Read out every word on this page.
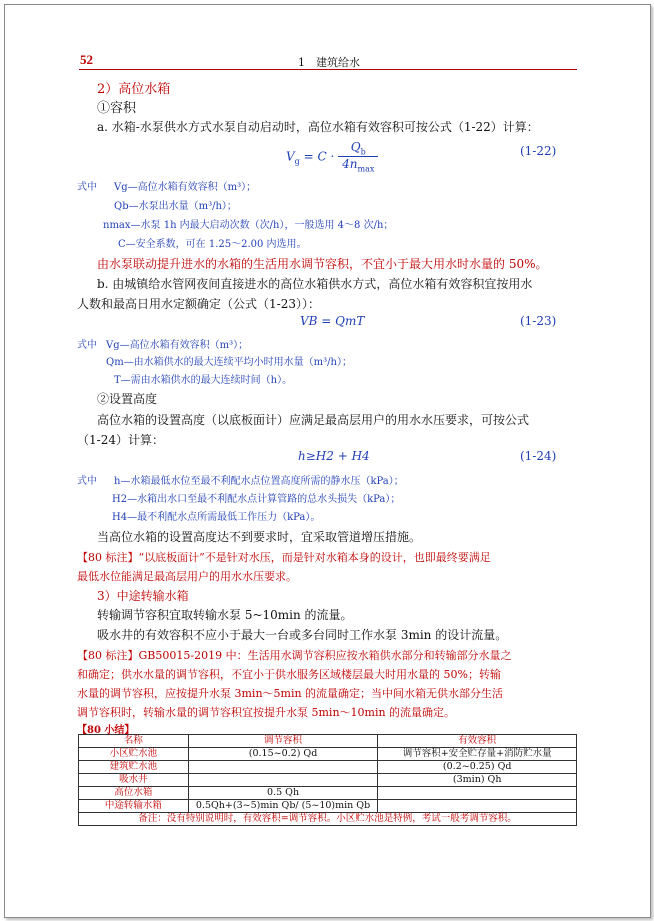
52	1　建筑给水
2）高位水箱
①容积
a. 水箱-水泵供水方式水泵自动启动时，高位水箱有效容积可按公式（1-22）计算：
$V_g = C$ ·
$Q_b$
$4n_{max}$
(1-22)
式中 Vg—高位水箱有效容积（m³）；
Qb—水泵出水量（m³/h）；
nmax—水泵 1h 内最大启动次数（次/h），一般选用 4～8 次/h；
C—安全系数，可在 1.25～2.00 内选用。
由水泵联动提升进水的水箱的生活用水调节容积，不宜小于最大用水时水量的 50%。
b. 由城镇给水管网夜间直接进水的高位水箱供水方式，高位水箱有效容积宜按用水
人数和最高日用水定额确定（公式（1-23））：
VB = QmT	(1-23)
式中 Vg—高位水箱有效容积（m³）；
Qm—由水箱供水的最大连续平均小时用水量（m³/h）；
T—需由水箱供水的最大连续时间（h）。
②设置高度
高位水箱的设置高度（以底板面计）应满足最高层用户的用水水压要求，可按公式
（1-24）计算：
h≥H2 + H4	(1-24)
式中 h—水箱最低水位至最不利配水点位置高度所需的静水压（kPa）；
H2—水箱出水口至最不利配水点计算管路的总水头损失（kPa）；
H4—最不利配水点所需最低工作压力（kPa）。
当高位水箱的设置高度达不到要求时，宜采取管道增压措施。
【80 标注】“以底板面计”不是针对水压，而是针对水箱本身的设计，也即最终要满足
最低水位能满足最高层用户的用水水压要求。
3）中途转输水箱
转输调节容积宜取转输水泵 5~10min 的流量。
吸水井的有效容积不应小于最大一台或多台同时工作水泵 3min 的设计流量。
【80 标注】GB50015-2019 中：生活用水调节容积应按水箱供水部分和转输部分水量之
和确定；供水水量的调节容积，不宜小于供水服务区域楼层最大时用水量的 50%；转输
水量的调节容积，应按提升水泵 3min～5min 的流量确定；当中间水箱无供水部分生活
调节容积时，转输水量的调节容积宜按提升水泵 5min～10min 的流量确定。
【80 小结】
名称	调节容积	有效容积
小区贮水池	(0.15~0.2) Qd	调节容积+安全贮存量+消防贮水量
建筑贮水池		(0.2~0.25) Qd
吸水井		(3min) Qh
高位水箱	0.5 Qh	
中途转输水箱	0.5Qh+(3~5)min Qb/ (5~10)min Qb	
备注：没有特别说明时，有效容积=调节容积。小区贮水池是特例，考试一般考调节容积。		
